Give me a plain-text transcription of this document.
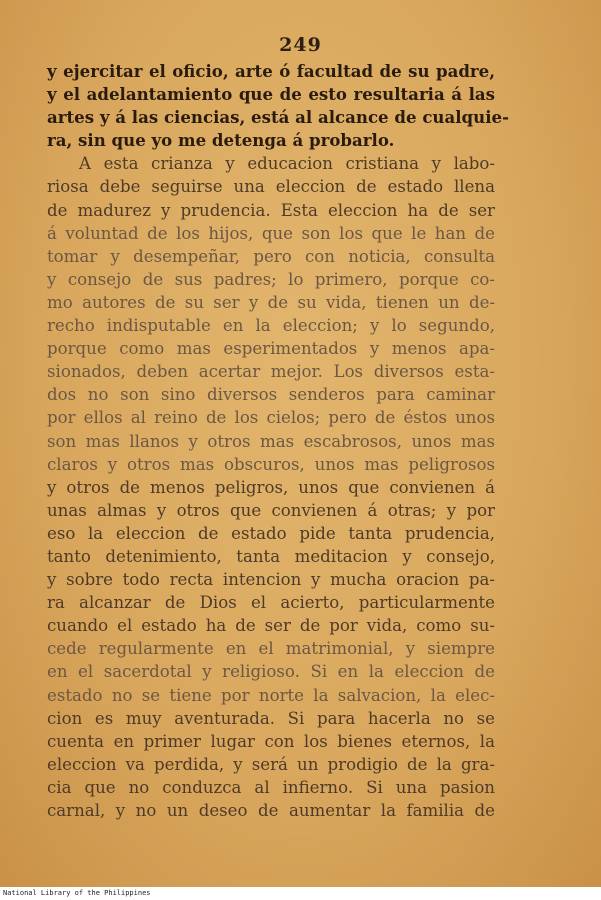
249
y ejercitar el oficio, arte ó facultad de su padre,
y el adelantamiento que de esto resultaria á las
artes y á las ciencias, está al alcance de cualquie-
ra, sin que yo me detenga á probarlo.
A esta crianza y educacion cristiana y labo-
riosa debe seguirse una eleccion de estado llena
de madurez y prudencia. Esta eleccion ha de ser
á voluntad de los hijos, que son los que le han de
tomar y desempeñar, pero con noticia, consulta
y consejo de sus padres; lo primero, porque co-
mo autores de su ser y de su vida, tienen un de-
recho indisputable en la eleccion; y lo segundo,
porque como mas esperimentados y menos apa-
sionados, deben acertar mejor. Los diversos esta-
dos no son sino diversos senderos para caminar
por ellos al reino de los cielos; pero de éstos unos
son mas llanos y otros mas escabrosos, unos mas
claros y otros mas obscuros, unos mas peligrosos
y otros de menos peligros, unos que convienen á
unas almas y otros que convienen á otras; y por
eso la eleccion de estado pide tanta prudencia,
tanto detenimiento, tanta meditacion y consejo,
y sobre todo recta intencion y mucha oracion pa-
ra alcanzar de Dios el acierto, particularmente
cuando el estado ha de ser de por vida, como su-
cede regularmente en el matrimonial, y siempre
en el sacerdotal y religioso. Si en la eleccion de
estado no se tiene por norte la salvacion, la elec-
cion es muy aventurada. Si para hacerla no se
cuenta en primer lugar con los bienes eternos, la
eleccion va perdida, y será un prodigio de la gra-
cia que no conduzca al infierno. Si una pasion
carnal, y no un deseo de aumentar la familia de
National Library of the Philippines
